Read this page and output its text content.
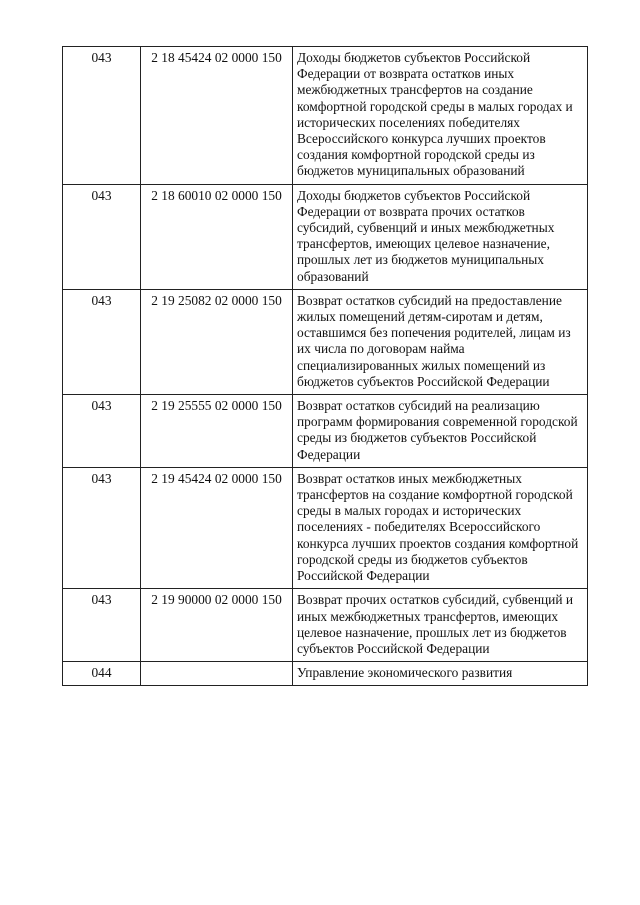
043	2 18 45424 02 0000 150	Доходы бюджетов субъектов Российской Федерации от возврата остатков иных межбюджетных трансфертов на создание комфортной городской среды в малых городах и исторических поселениях победителях Всероссийского конкурса лучших проектов создания комфортной городской среды из бюджетов муниципальных образований
043	2 18 60010 02 0000 150	Доходы бюджетов субъектов Российской Федерации от возврата прочих остатков субсидий, субвенций и иных межбюджетных трансфертов, имеющих целевое назначение, прошлых лет из бюджетов муниципальных образований
043	2 19 25082 02 0000 150	Возврат остатков субсидий на предоставление жилых помещений детям-сиротам и детям, оставшимся без попечения родителей, лицам из их числа по договорам найма специализированных жилых помещений из бюджетов субъектов Российской Федерации
043	2 19 25555 02 0000 150	Возврат остатков субсидий на реализацию программ формирования современной городской среды из бюджетов субъектов Российской Федерации
043	2 19 45424 02 0000 150	Возврат остатков иных межбюджетных трансфертов на создание комфортной городской среды в малых городах и исторических поселениях - победителях Всероссийского конкурса лучших проектов создания комфортной городской среды из бюджетов субъектов Российской Федерации
043	2 19 90000 02 0000 150	Возврат прочих остатков субсидий, субвенций и иных межбюджетных трансфертов, имеющих целевое назначение, прошлых лет из бюджетов субъектов Российской Федерации
044		Управление экономического развития
